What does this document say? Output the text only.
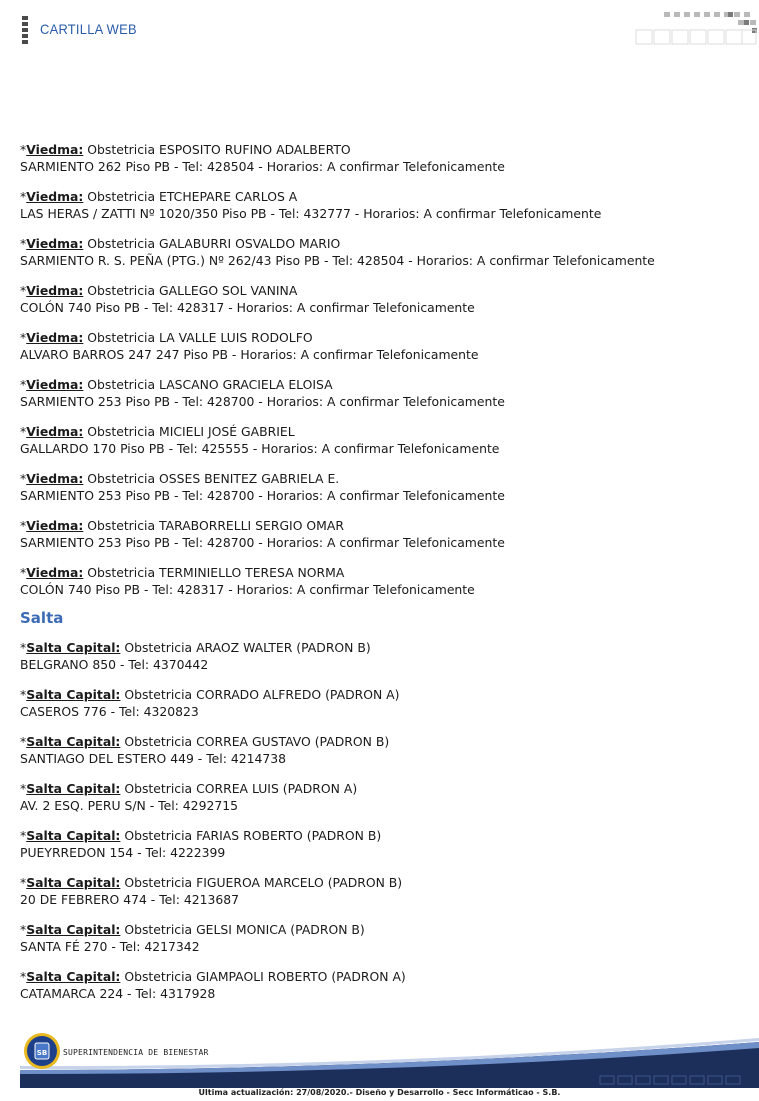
CARTILLA WEB
*Viedma: Obstetricia ESPOSITO RUFINO ADALBERTO
SARMIENTO 262 Piso PB - Tel: 428504 - Horarios: A confirmar Telefonicamente
*Viedma: Obstetricia ETCHEPARE CARLOS A
LAS HERAS / ZATTI Nº 1020/350 Piso PB - Tel: 432777 - Horarios: A confirmar Telefonicamente
*Viedma: Obstetricia GALABURRI OSVALDO MARIO
SARMIENTO R. S. PEÑA (PTG.) Nº 262/43 Piso PB - Tel: 428504 - Horarios: A confirmar Telefonicamente
*Viedma: Obstetricia GALLEGO SOL VANINA
COLÓN 740 Piso PB - Tel: 428317 - Horarios: A confirmar Telefonicamente
*Viedma: Obstetricia LA VALLE LUIS RODOLFO
ALVARO BARROS 247 247 Piso PB - Horarios: A confirmar Telefonicamente
*Viedma: Obstetricia LASCANO GRACIELA ELOISA
SARMIENTO 253 Piso PB - Tel: 428700 - Horarios: A confirmar Telefonicamente
*Viedma: Obstetricia MICIELI JOSÉ GABRIEL
GALLARDO 170 Piso PB - Tel: 425555 - Horarios: A confirmar Telefonicamente
*Viedma: Obstetricia OSSES BENITEZ GABRIELA E.
SARMIENTO 253 Piso PB - Tel: 428700 - Horarios: A confirmar Telefonicamente
*Viedma: Obstetricia TARABORRELLI SERGIO OMAR
SARMIENTO 253 Piso PB - Tel: 428700 - Horarios: A confirmar Telefonicamente
*Viedma: Obstetricia TERMINIELLO TERESA NORMA
COLÓN 740 Piso PB - Tel: 428317 - Horarios: A confirmar Telefonicamente
Salta
*Salta Capital: Obstetricia ARAOZ WALTER (PADRON B)
BELGRANO 850 - Tel: 4370442
*Salta Capital: Obstetricia CORRADO ALFREDO (PADRON A)
CASEROS 776 - Tel: 4320823
*Salta Capital: Obstetricia CORREA GUSTAVO (PADRON B)
SANTIAGO DEL ESTERO 449 - Tel: 4214738
*Salta Capital: Obstetricia CORREA LUIS (PADRON A)
AV. 2 ESQ. PERU S/N - Tel: 4292715
*Salta Capital: Obstetricia FARIAS ROBERTO (PADRON B)
PUEYRREDON 154 - Tel: 4222399
*Salta Capital: Obstetricia FIGUEROA MARCELO (PADRON B)
20 DE FEBRERO 474 - Tel: 4213687
*Salta Capital: Obstetricia GELSI MONICA (PADRON B)
SANTA FÉ 270 - Tel: 4217342
*Salta Capital: Obstetricia GIAMPAOLI ROBERTO (PADRON A)
CATAMARCA 224 - Tel: 4317928
SB SUPERINTENDENCIA DE BIENESTAR
Ultima actualización: 27/08/2020.- Diseño y Desarrollo - Secc Informáticao - S.B.
